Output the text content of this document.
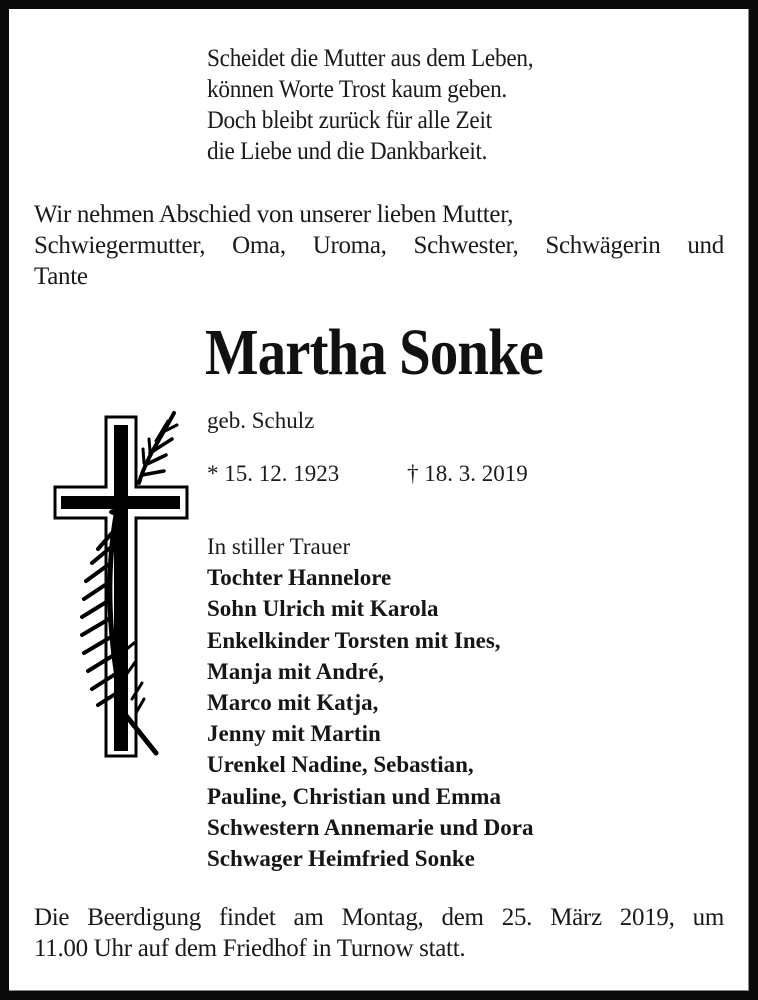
Scheidet die Mutter aus dem Leben,
können Worte Trost kaum geben.
Doch bleibt zurück für alle Zeit
die Liebe und die Dankbarkeit.
Wir nehmen Abschied von unserer lieben Mutter,
Schwiegermutter, Oma, Uroma, Schwester, Schwägerin und
Tante
Martha Sonke
geb. Schulz
* 15. 12. 1923	† 18. 3. 2019
In stiller Trauer
Tochter Hannelore
Sohn Ulrich mit Karola
Enkelkinder Torsten mit Ines,
Manja mit André,
Marco mit Katja,
Jenny mit Martin
Urenkel Nadine, Sebastian,
Pauline, Christian und Emma
Schwestern Annemarie und Dora
Schwager Heimfried Sonke
Die Beerdigung findet am Montag, dem 25. März 2019, um
11.00 Uhr auf dem Friedhof in Turnow statt.
